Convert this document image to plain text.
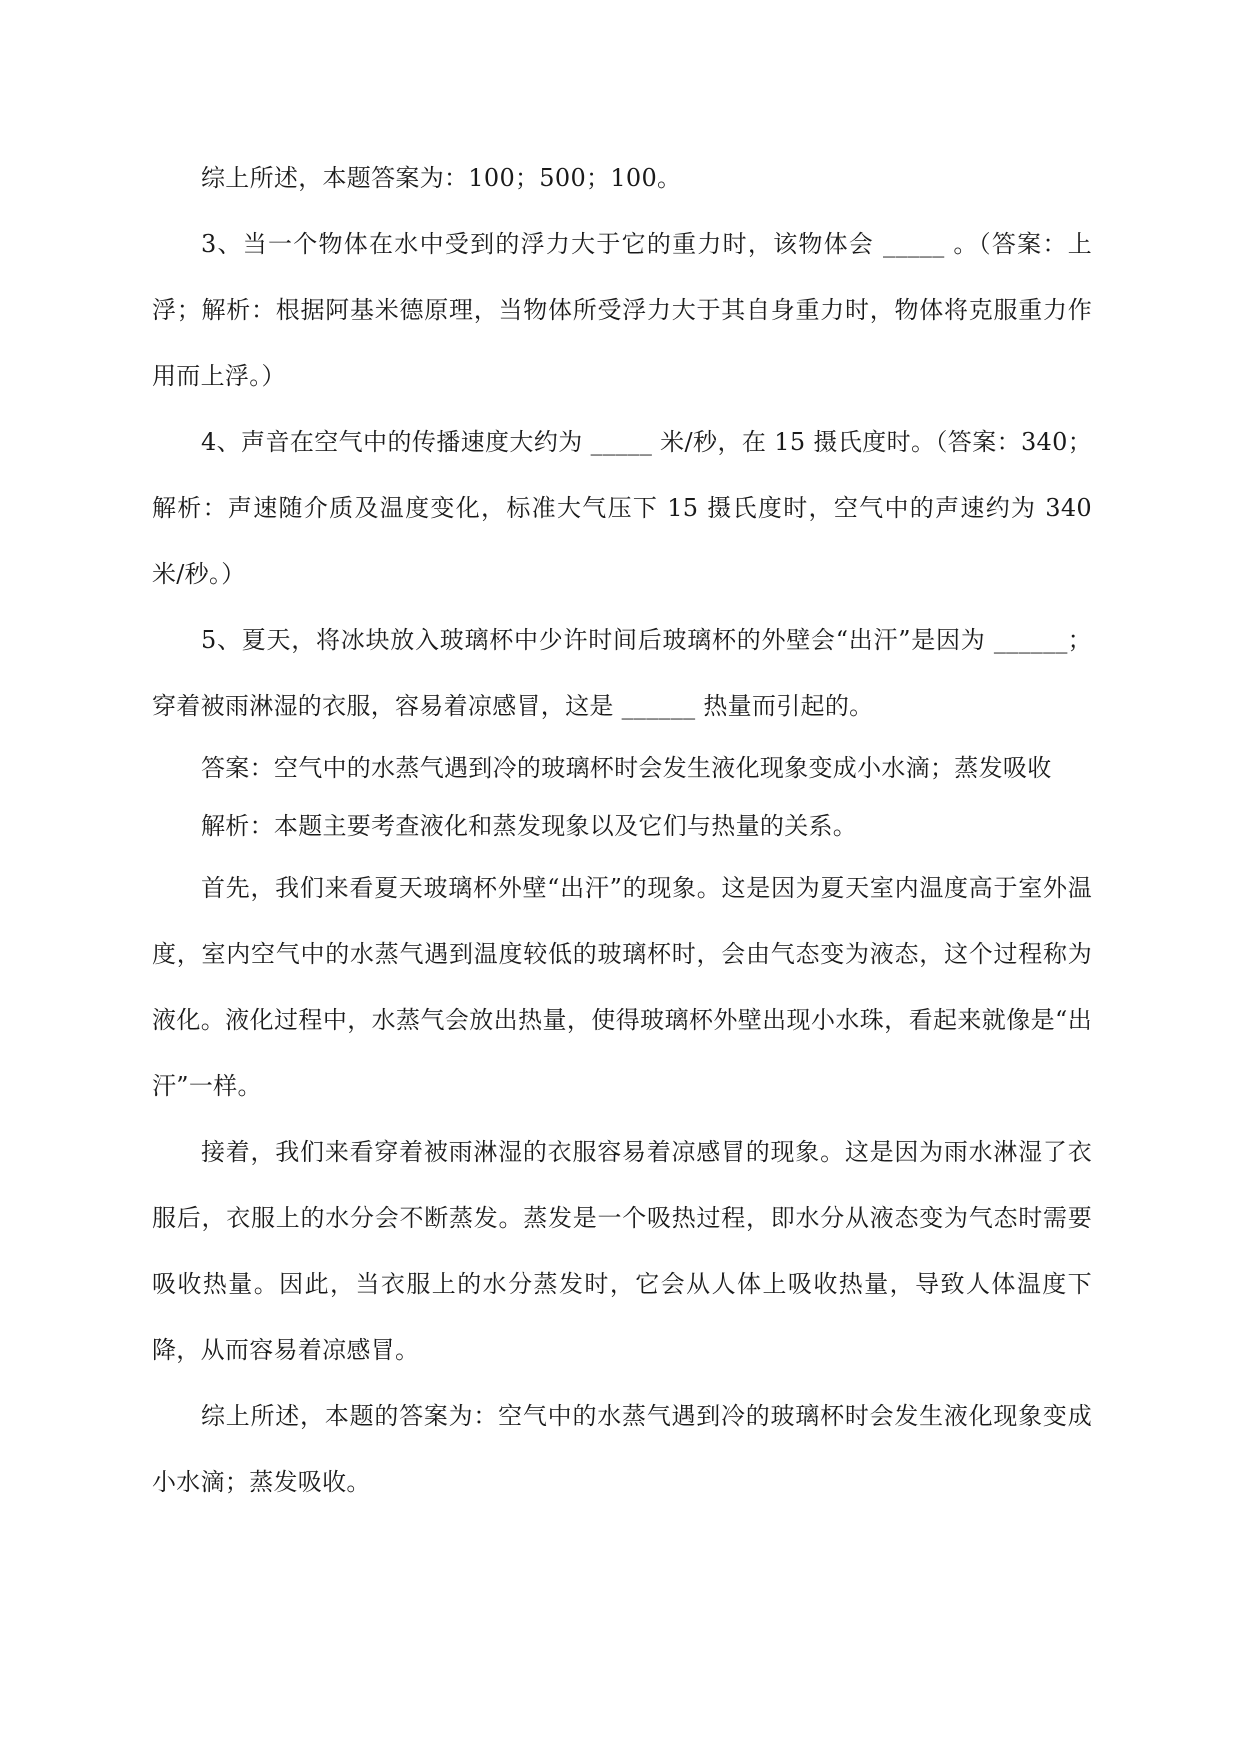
综上所述，本题答案为：100；500；100。

3、当一个物体在水中受到的浮力大于它的重力时，该物体会 _____ 。（答案：上浮；解析：根据阿基米德原理，当物体所受浮力大于其自身重力时，物体将克服重力作用而上浮。）

4、声音在空气中的传播速度大约为 _____ 米/秒，在 15 摄氏度时。（答案：340；解析：声速随介质及温度变化，标准大气压下 15 摄氏度时，空气中的声速约为 340 米/秒。）

5、夏天，将冰块放入玻璃杯中少许时间后玻璃杯的外壁会“出汗”是因为 ______；穿着被雨淋湿的衣服，容易着凉感冒，这是 ______ 热量而引起的。

答案：空气中的水蒸气遇到冷的玻璃杯时会发生液化现象变成小水滴；蒸发吸收

解析：本题主要考查液化和蒸发现象以及它们与热量的关系。

首先，我们来看夏天玻璃杯外壁“出汗”的现象。这是因为夏天室内温度高于室外温度，室内空气中的水蒸气遇到温度较低的玻璃杯时，会由气态变为液态，这个过程称为液化。液化过程中，水蒸气会放出热量，使得玻璃杯外壁出现小水珠，看起来就像是“出汗”一样。

接着，我们来看穿着被雨淋湿的衣服容易着凉感冒的现象。这是因为雨水淋湿了衣服后，衣服上的水分会不断蒸发。蒸发是一个吸热过程，即水分从液态变为气态时需要吸收热量。因此，当衣服上的水分蒸发时，它会从人体上吸收热量，导致人体温度下降，从而容易着凉感冒。

综上所述，本题的答案为：空气中的水蒸气遇到冷的玻璃杯时会发生液化现象变成小水滴；蒸发吸收。
